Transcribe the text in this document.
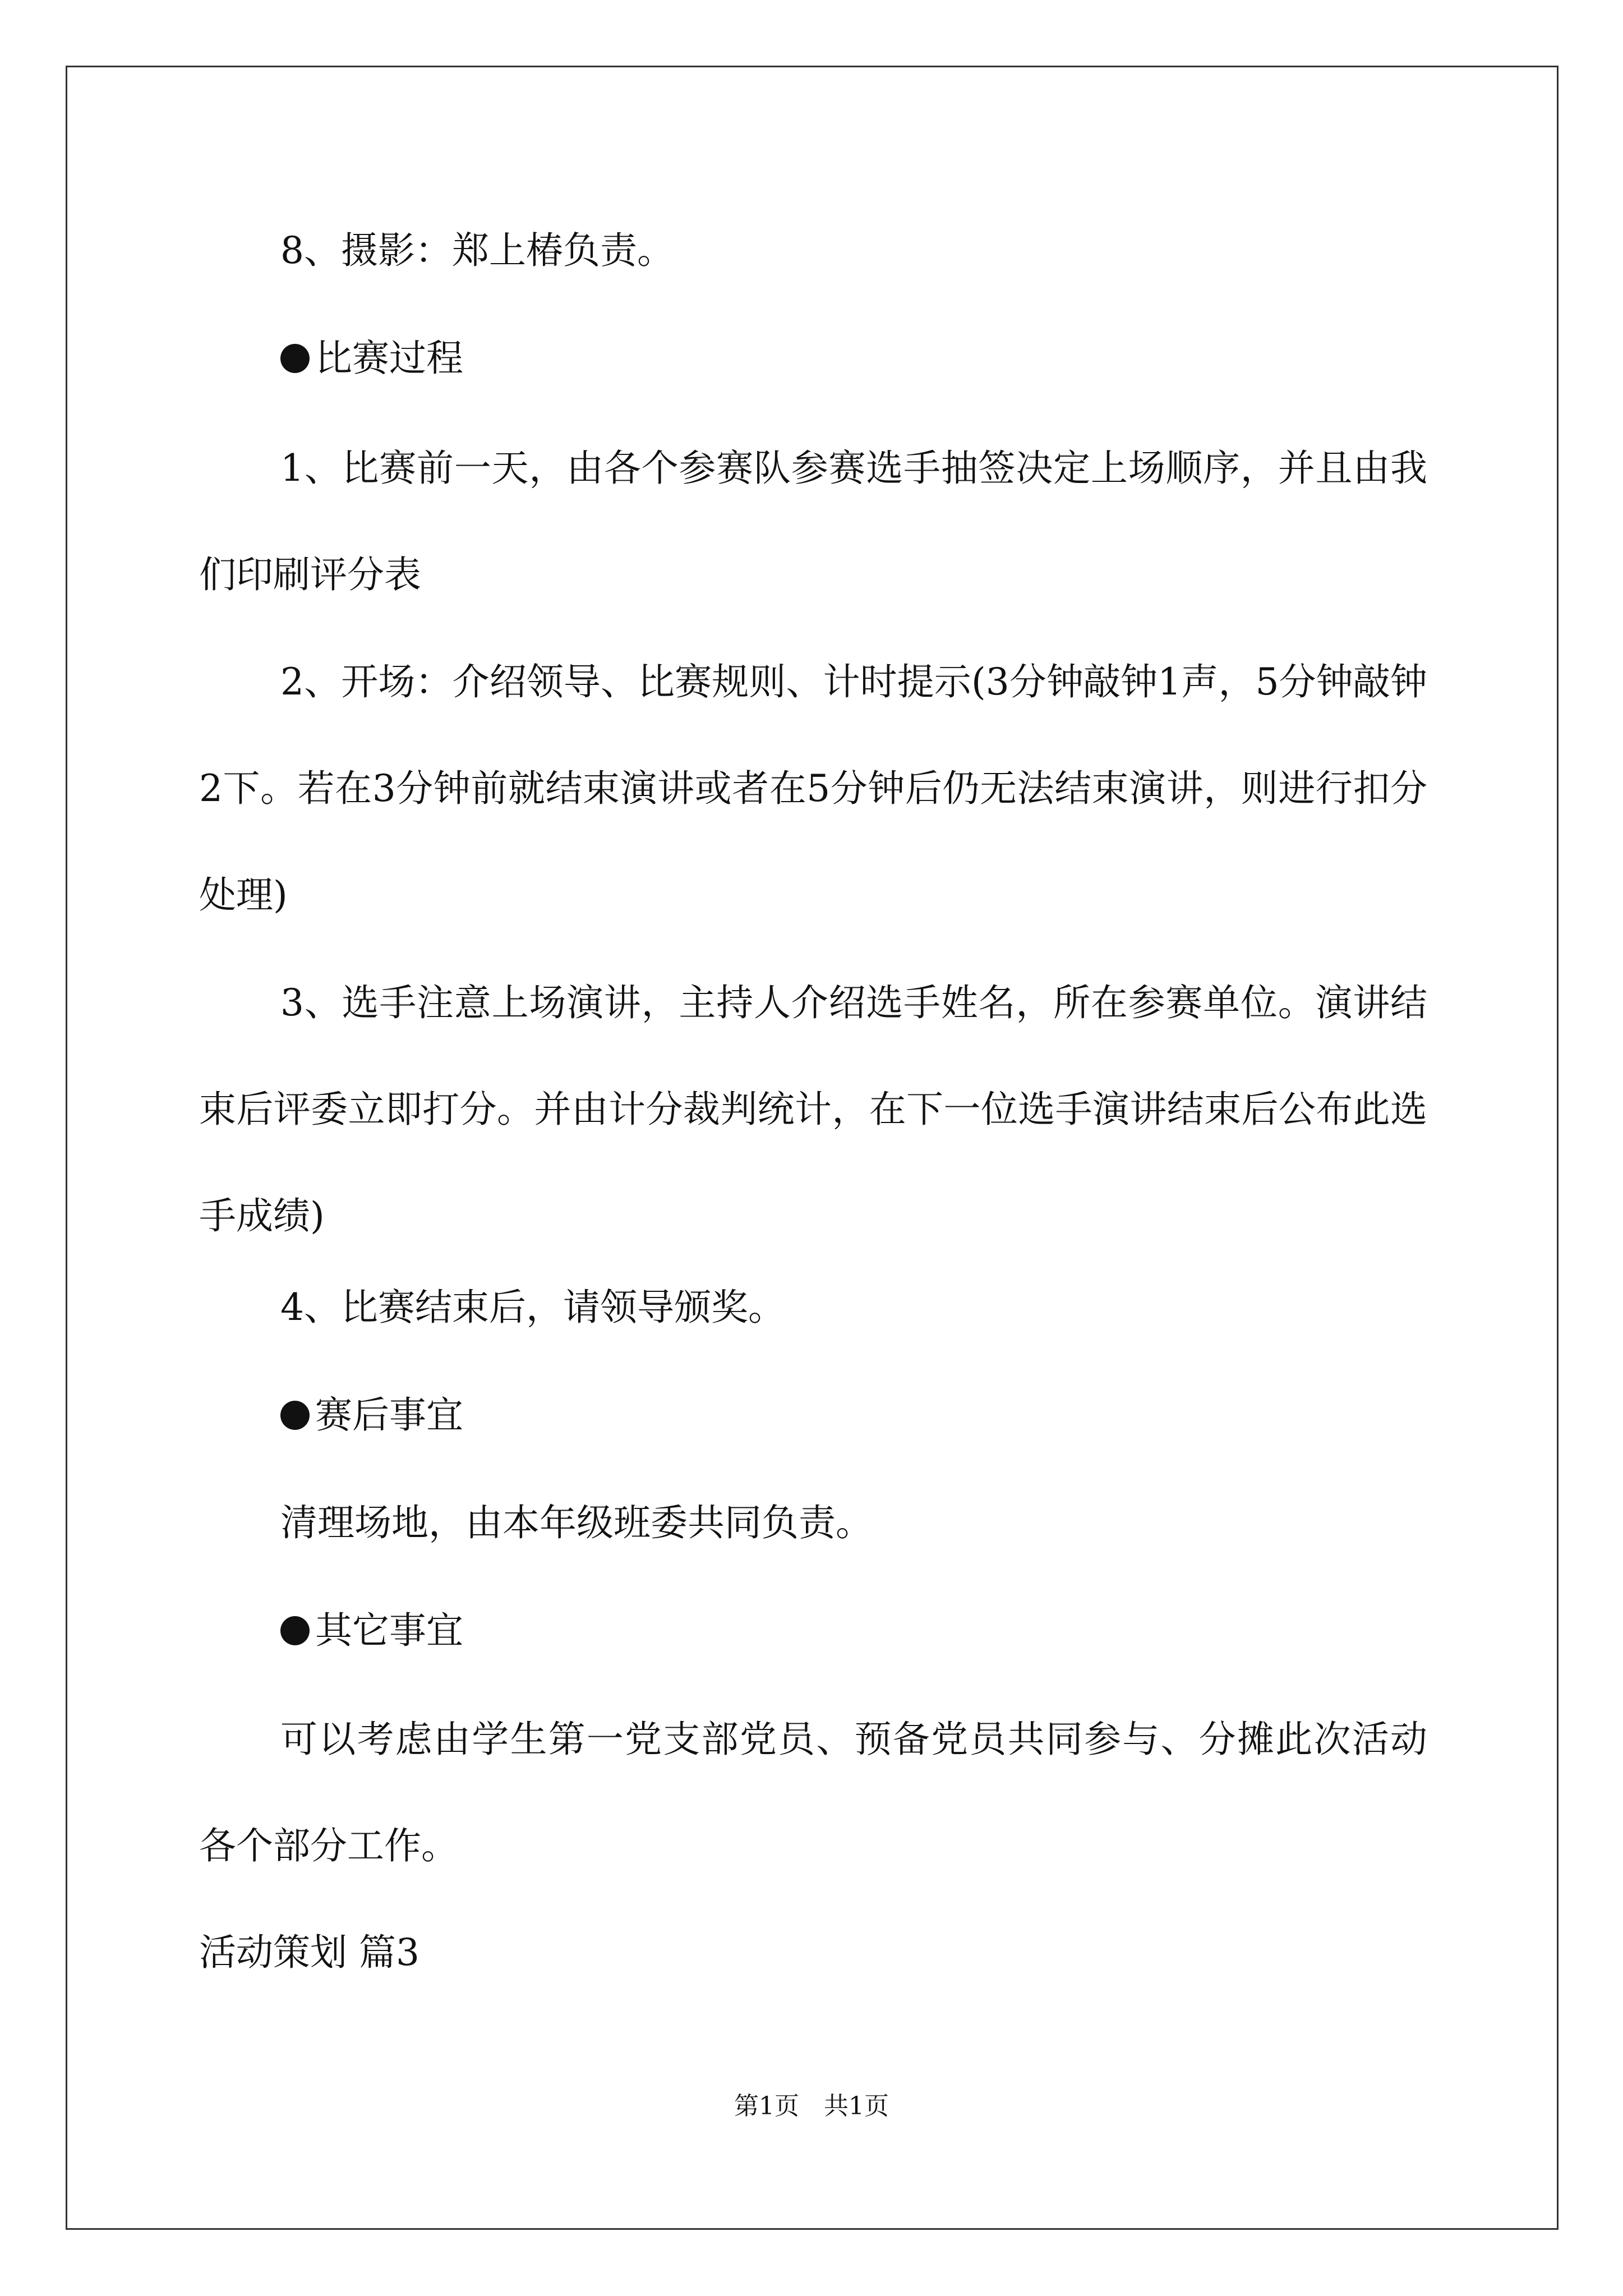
8、摄影：郑上椿负责。

比赛过程

1、比赛前一天，由各个参赛队参赛选手抽签决定上场顺序，并且由我们印刷评分表

2、开场：介绍领导、比赛规则、计时提示(3分钟敲钟1声，5分钟敲钟2下。若在3分钟前就结束演讲或者在5分钟后仍无法结束演讲，则进行扣分处理)

3、选手注意上场演讲，主持人介绍选手姓名，所在参赛单位。演讲结束后评委立即打分。并由计分裁判统计，在下一位选手演讲结束后公布此选手成绩)

4、比赛结束后，请领导颁奖。

赛后事宜

清理场地，由本年级班委共同负责。

其它事宜

可以考虑由学生第一党支部党员、预备党员共同参与、分摊此次活动各个部分工作。

活动策划 篇3

第1页　共1页
